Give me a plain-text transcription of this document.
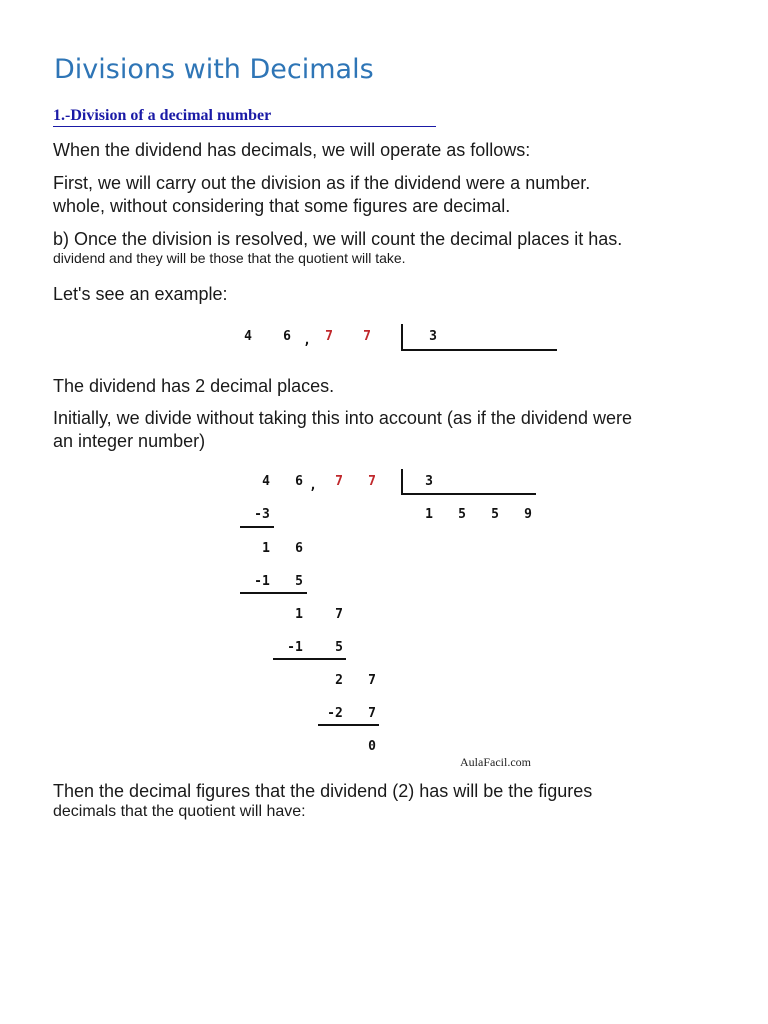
Divisions with Decimals
1.-Division of a decimal number
When the dividend has decimals, we will operate as follows:
First, we will carry out the division as if the dividend were a number.
whole, without considering that some figures are decimal.
b) Once the division is resolved, we will count the decimal places it has.
dividend and they will be those that the quotient will take.
Let's see an example:
4 6 , 7 7	3
The dividend has 2 decimal places.
Initially, we divide without taking this into account (as if the dividend were
an integer number)
4 6 , 7 7	3
1 5 5 9
-3
1 6
-1 5
1 7
-1 5
2 7
-2 7
0
AulaFacil.com
Then the decimal figures that the dividend (2) has will be the figures
decimals that the quotient will have:
